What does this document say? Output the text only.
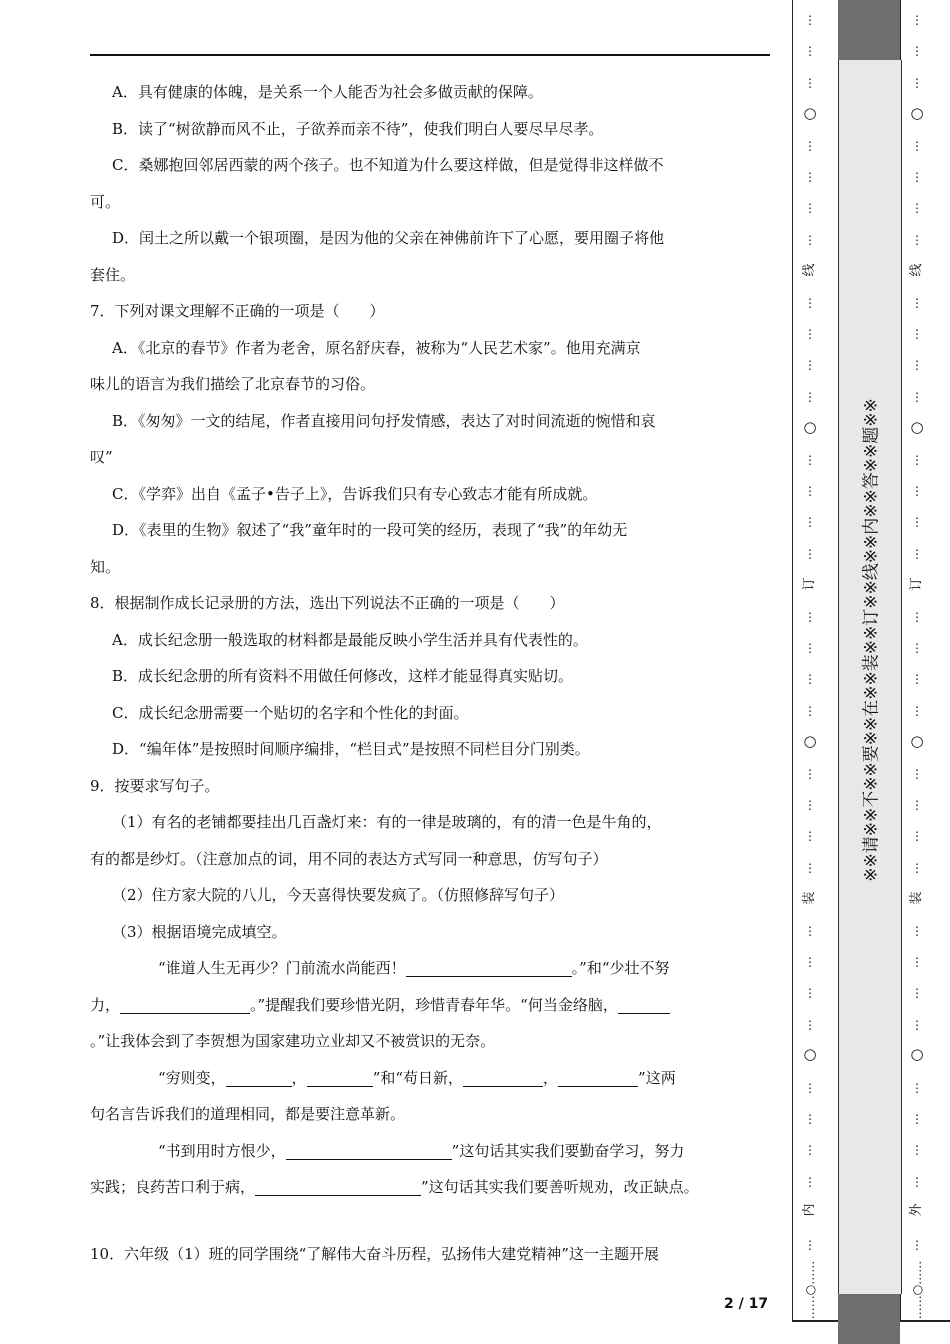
A．具有健康的体魄，是关系一个人能否为社会多做贡献的保障。
B．读了“树欲静而风不止，子欲养而亲不待”，使我们明白人要尽早尽孝。
C．桑娜抱回邻居西蒙的两个孩子。也不知道为什么要这样做，但是觉得非这样做不
可。
D．闰土之所以戴一个银项圈，是因为他的父亲在神佛前许下了心愿，要用圈子将他
套住。
7．下列对课文理解不正确的一项是（　　）
A．《北京的春节》作者为老舍，原名舒庆春，被称为“人民艺术家”。他用充满京
味儿的语言为我们描绘了北京春节的习俗。
B．《匆匆》一文的结尾，作者直接用问句抒发情感，表达了对时间流逝的惋惜和哀
叹”
C．《学弈》出自《孟子•告子上》，告诉我们只有专心致志才能有所成就。
D．《表里的生物》叙述了“我”童年时的一段可笑的经历，表现了“我”的年幼无
知。
8．根据制作成长记录册的方法，选出下列说法不正确的一项是（　　）
A．成长纪念册一般选取的材料都是最能反映小学生活并具有代表性的。
B．成长纪念册的所有资料不用做任何修改，这样才能显得真实贴切。
C．成长纪念册需要一个贴切的名字和个性化的封面。
D．“编年体”是按照时间顺序编排，“栏目式”是按照不同栏目分门别类。
9．按要求写句子。
（1）有名的老铺都要挂出几百盏灯来：有的一律是玻璃的，有的清一色是牛角的，
有的都是纱灯。（注意加点的词，用不同的表达方式写同一种意思，仿写句子）
（2）住方家大院的八儿，今天喜得快要发疯了。（仿照修辞写句子）
（3）根据语境完成填空。
“谁道人生无再少？门前流水尚能西！	。”和“少壮不努
力，	。”提醒我们要珍惜光阴，珍惜青春年华。“何当金络脑，
。”让我体会到了李贺想为国家建功立业却又不被赏识的无奈。
“穷则变，	，	”和“苟日新，	，	”这两
句名言告诉我们的道理相同，都是要注意革新。
“书到用时方恨少，	”这句话其实我们要勤奋学习，努力
实践；良药苦口利于病，	”这句话其实我们要善听规劝，改正缺点。
10．六年级（1）班的同学围绕“了解伟大奋斗历程，弘扬伟大建党精神”这一主题开展
2 / 17
※※请※※不※※要※※在※※装※※订※※线※※内※※答※※题※※
⋮
⋮
⋮
⋮
⋮
⋮
⋮
⋮
⋮
⋮
⋮
⋮
⋮
⋮
⋮
⋮
⋮
⋮
⋮
⋮
⋮
⋮
⋮
⋮
⋮
⋮
⋮
⋮
⋮
⋮
⋮
⋮
○
○
○
○
线
订
装
内
……○……
⋮
⋮
⋮
⋮
⋮
⋮
⋮
⋮
⋮
⋮
⋮
⋮
⋮
⋮
⋮
⋮
⋮
⋮
⋮
⋮
⋮
⋮
⋮
⋮
⋮
⋮
⋮
⋮
⋮
⋮
⋮
⋮
○
○
○
○
线
订
装
外
……○……
